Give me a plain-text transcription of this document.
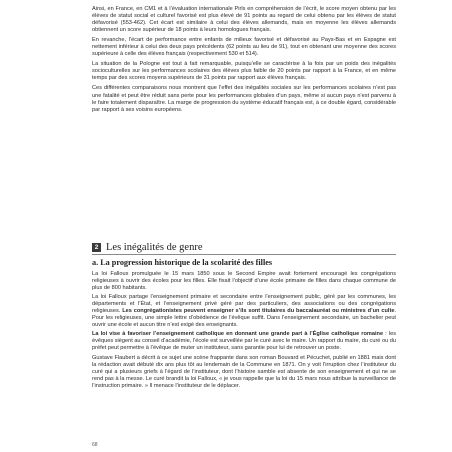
Ainsi, en France, en CM1 et à l’évaluation internationale Pirls en compréhension de l’écrit, le score moyen obtenu par les élèves de statut social et culturel favorisé est plus élevé de 91 points au regard de celui obtenu par les élèves de statut défavorisé (553-462). Cet écart est similaire à celui des élèves allemands, mais en moyenne les élèves allemands obtiennent un score supérieur de 18 points à leurs homologues français.

En revanche, l’écart de performance entre enfants de milieux favorisé et défavorisé au Pays-Bas et en Espagne est nettement inférieur à celui des deux pays précédents (62 points au lieu de 91), tout en obtenant une moyenne des scores supérieure à celle des élèves français (respectivement 530 et 514).

La situation de la Pologne est tout à fait remarquable, puisqu’elle se caractérise à la fois par un poids des inégalités socioculturelles sur les performances scolaires des élèves plus faible de 20 points par rapport à la France, et en même temps par des scores moyens supérieurs de 31 points par rapport aux élèves français.

Ces différentes comparaisons nous montrent que l’effet des inégalités sociales sur les performances scolaires n’est pas une fatalité et peut être réduit sans perte pour les performances globales d’un pays, même si aucun pays n’est parvenu à le faire totalement disparaître. La marge de progression du système éducatif français est, à ce double égard, considérable par rapport à ses voisins européens.

2 Les inégalités de genre
a. La progression historique de la scolarité des filles

La loi Falloux promulguée le 15 mars 1850 sous le Second Empire avait fortement encouragé les congrégations religieuses à ouvrir des écoles pour les filles. Elle fixait l’objectif d’une école primaire de filles dans chaque commune de plus de 800 habitants.

La loi Falloux partage l’enseignement primaire et secondaire entre l’enseignement public, géré par les communes, les départements et l’État, et l’enseignement privé géré par des particuliers, des associations ou des congrégations religieuses. Les congrégationistes peuvent enseigner s’ils sont titulaires du baccalauréat ou ministres d’un culte. Pour les religieuses, une simple lettre d’obédience de l’évêque suffit. Dans l’enseignement secondaire, un bachelier peut ouvrir une école et aucun titre n’est exigé des enseignants.

La loi vise à favoriser l’enseignement catholique en donnant une grande part à l’Église catholique romaine : les évêques siègent au conseil d’académie, l’école est surveillée par le curé avec le maire. Un rapport du maire, du curé ou du préfet peut permettre à l’évêque de muter un instituteur, sans garantie pour lui de retrouver un poste.

Gustave Flaubert a décrit à ce sujet une scène frappante dans son roman Bouvard et Pécuchet, publié en 1881 mais dont la rédaction avait débuté dix ans plus tôt au lendemain de la Commune en 1871. On y voit l’irruption chez l’instituteur du curé qui a plusieurs griefs à l’égard de l’instituteur, dont l’histoire samble est absente de son enseignement et qui ne se rend pas à la messe. Le curé brandit la loi Falloux, « je vous rappelle que la loi du 15 mars nous attribue la surveillance de l’instruction primaire. » Il menace l’instituteur de le déplacer.

68
